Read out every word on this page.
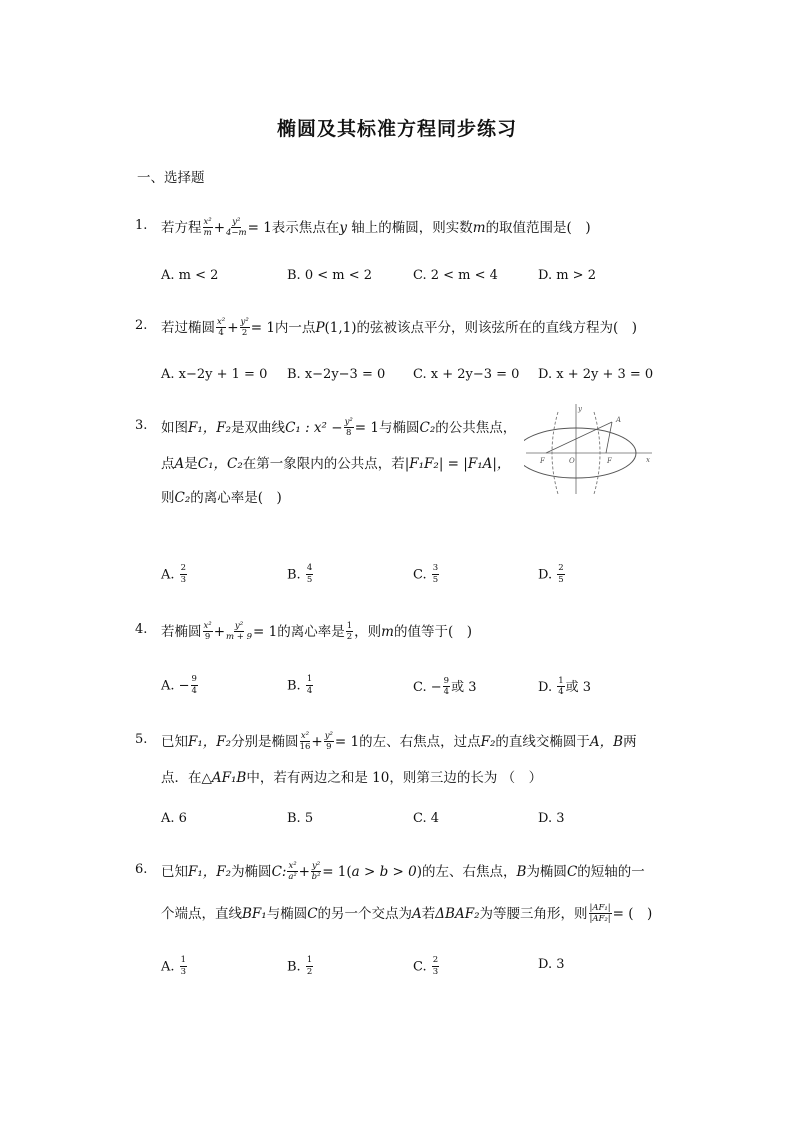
椭圆及其标准方程同步练习
一、选择题
1. 若方程 $\frac{\text{x²}}{m} + \frac{\text{y²}}{4-m} = 1$表示焦点在y 轴上的椭圆，则实数m的取值范围是(　)
A. m < 2	B. 0 < m < 2	C. 2 < m < 4	D. m > 2
2. 若过椭圆 $\frac{\text{x²}}{4} + \frac{\text{y²}}{2} = 1$内一点P(1,1)的弦被该点平分，则该弦所在的直线方程为(　)
A. x−2y + 1 = 0 B. x−2y−3 = 0 C. x + 2y−3 = 0 D. x + 2y + 3 = 0
3. 如图F₁，F₂是双曲线C₁ : $x^2 - \frac{\text{y²}}{8} = 1$与椭圆C₂的公共焦点，
点A是C₁，C₂在第一象限内的公共点，若|F₁F₂| = |F₁A|，
则C₂的离心率是(　)
y
A
F	O	F	x
A. $\frac{2}{3}$	B. $\frac{4}{5}$	C. $\frac{3}{5}$	D. $\frac{2}{5}$
4. 若椭圆 $\frac{\text{x²}}{9} + \frac{\text{y²}}{m + 9} = 1$的离心率是 $\frac{1}{2}$ ，则m的值等于(　)
A. − $\frac{9}{4}$	B. $\frac{1}{4}$	C. − $\frac{9}{4}$ 或 3	D. $\frac{1}{4}$ 或 3
5. 已知F₁，F₂分别是椭圆 $\frac{\text{x²}}{16} + \frac{\text{y²}}{9} = 1$的左、右焦点，过点F₂的直线交椭圆于A，B两
点．在△AF₁B中，若有两边之和是 10，则第三边的长为 （　）
A. 6	B. 5	C. 4	D. 3
6. 已知F₁，F₂为椭圆C: $\frac{\text{x²}}{\text{a²}} + \frac{\text{y²}}{\text{b²}} = 1(a > b > 0)$的左、右焦点，B为椭圆C的短轴的一
个端点，直线BF₁与椭圆C的另一个交点为A若ΔBAF₂为等腰三角形，则 $\frac{\text{|AF₁|}}{\text{|AF₂|}}$ = (　)
A. $\frac{1}{3}$	B. $\frac{1}{2}$	C. $\frac{2}{3}$	D. 3
